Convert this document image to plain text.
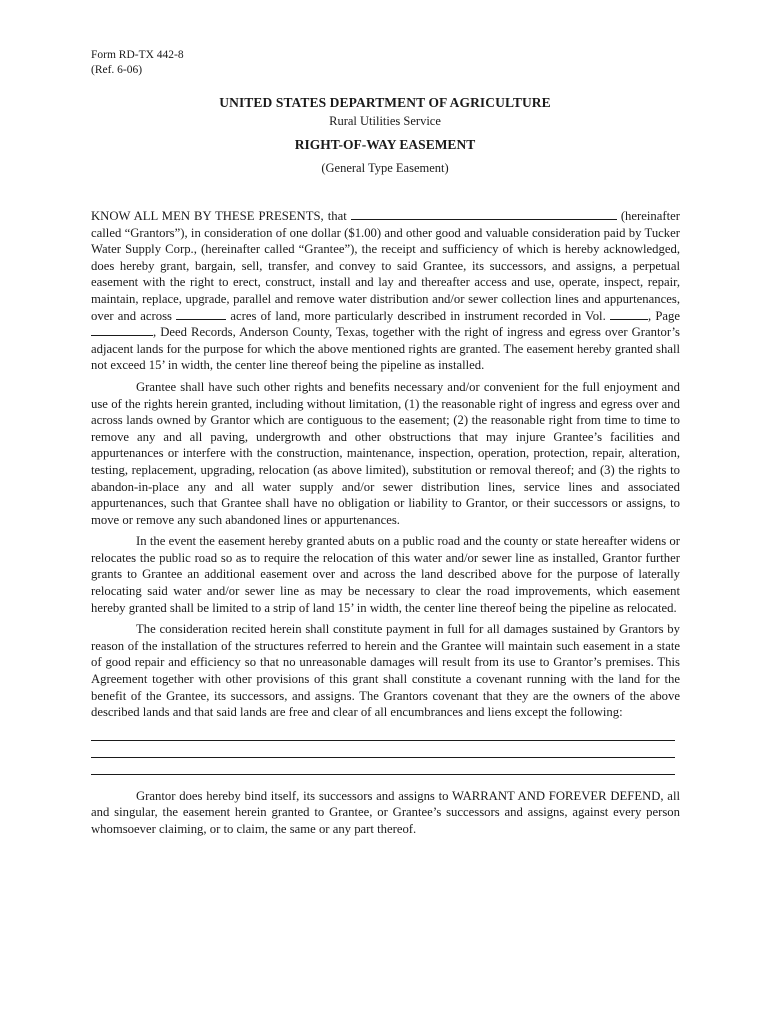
Form RD-TX 442-8
(Ref. 6-06)
UNITED STATES DEPARTMENT OF AGRICULTURE
Rural Utilities Service
RIGHT-OF-WAY EASEMENT
(General Type Easement)

KNOW ALL MEN BY THESE PRESENTS, that	(hereinafter called “Grantors”), in consideration of one dollar ($1.00) and other good and valuable consideration paid by Tucker Water Supply Corp., (hereinafter called “Grantee”), the receipt and sufficiency of which is hereby acknowledged, does hereby grant, bargain, sell, transfer, and convey to said Grantee, its successors, and assigns, a perpetual easement with the right to erect, construct, install and lay and thereafter access and use, operate, inspect, repair, maintain, replace, upgrade, parallel and remove water distribution and/or sewer collection lines and appurtenances, over and across	acres of land, more particularly described in instrument recorded in Vol.	, Page , Deed Records, Anderson County, Texas, together with the right of ingress and egress over Grantor’s adjacent lands for the purpose for which the above mentioned rights are granted. The easement hereby granted shall not exceed 15’ in width, the center line thereof being the pipeline as installed.

Grantee shall have such other rights and benefits necessary and/or convenient for the full enjoyment and use of the rights herein granted, including without limitation, (1) the reasonable right of ingress and egress over and across lands owned by Grantor which are contiguous to the easement; (2) the reasonable right from time to time to remove any and all paving, undergrowth and other obstructions that may injure Grantee’s facilities and appurtenances or interfere with the construction, maintenance, inspection, operation, protection, repair, alteration, testing, replacement, upgrading, relocation (as above limited), substitution or removal thereof; and (3) the rights to abandon-in-place any and all water supply and/or sewer distribution lines, service lines and associated appurtenances, such that Grantee shall have no obligation or liability to Grantor, or their successors or assigns, to move or remove any such abandoned lines or appurtenances.

In the event the easement hereby granted abuts on a public road and the county or state hereafter widens or relocates the public road so as to require the relocation of this water and/or sewer line as installed, Grantor further grants to Grantee an additional easement over and across the land described above for the purpose of laterally relocating said water and/or sewer line as may be necessary to clear the road improvements, which easement hereby granted shall be limited to a strip of land 15’ in width, the center line thereof being the pipeline as relocated.

The consideration recited herein shall constitute payment in full for all damages sustained by Grantors by reason of the installation of the structures referred to herein and the Grantee will maintain such easement in a state of good repair and efficiency so that no unreasonable damages will result from its use to Grantor’s premises. This Agreement together with other provisions of this grant shall constitute a covenant running with the land for the benefit of the Grantee, its successors, and assigns. The Grantors covenant that they are the owners of the above described lands and that said lands are free and clear of all encumbrances and liens except the following:

Grantor does hereby bind itself, its successors and assigns to WARRANT AND FOREVER DEFEND, all and singular, the easement herein granted to Grantee, or Grantee’s successors and assigns, against every person whomsoever claiming, or to claim, the same or any part thereof.
